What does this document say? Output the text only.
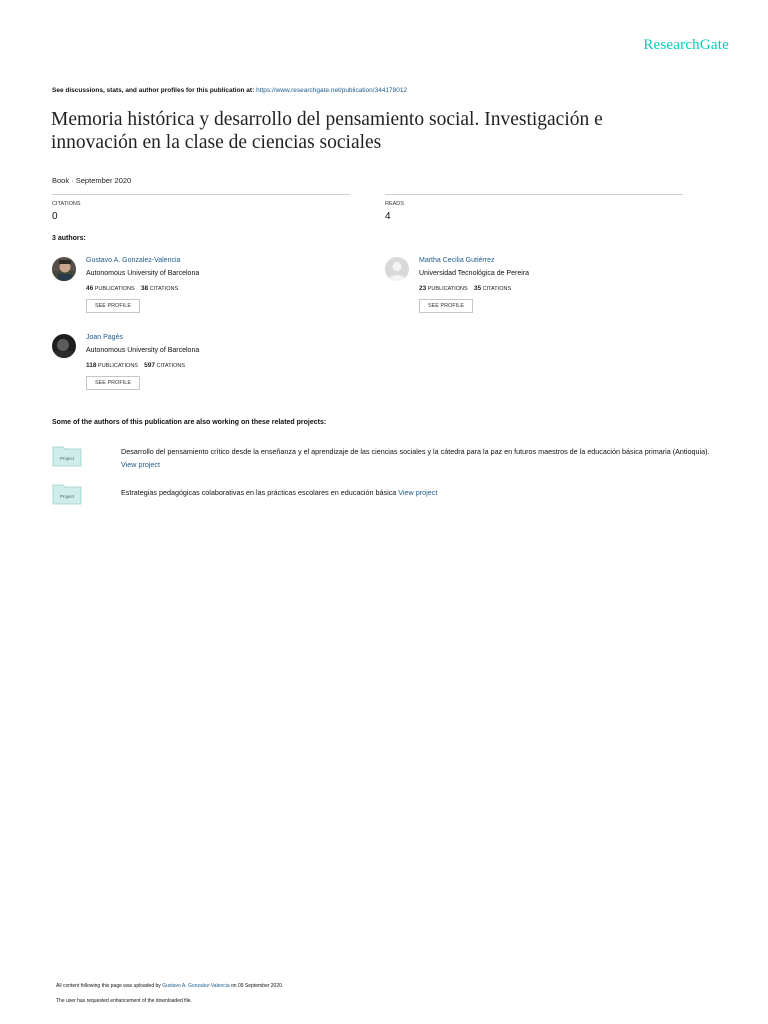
ResearchGate
See discussions, stats, and author profiles for this publication at: https://www.researchgate.net/publication/344178012
Memoria histórica y desarrollo del pensamiento social. Investigación e innovación en la clase de ciencias sociales
Book · September 2020
CITATIONS
0
READS
4
3 authors:
Gustavo A. Gonzalez-Valencia
Autonomous University of Barcelona
46 PUBLICATIONS 38 CITATIONS
SEE PROFILE
Martha Cecilia Gutiérrez
Universidad Tecnológica de Pereira
23 PUBLICATIONS 35 CITATIONS
SEE PROFILE
Joan Pagès
Autonomous University of Barcelona
118 PUBLICATIONS 597 CITATIONS
SEE PROFILE
Some of the authors of this publication are also working on these related projects:
Project
Desarrollo del pensamiento crítico desde la enseñanza y el aprendizaje de las ciencias sociales y la cátedra para la paz en futuros maestros de la educación básica primaria (Antioquia). View project
Project	Estrategias pedagógicas colaborativas en las prácticas escolares en educación básica View project
All content following this page was uploaded by Gustavo A. Gonzalez-Valencia on 09 September 2020.
The user has requested enhancement of the downloaded file.
